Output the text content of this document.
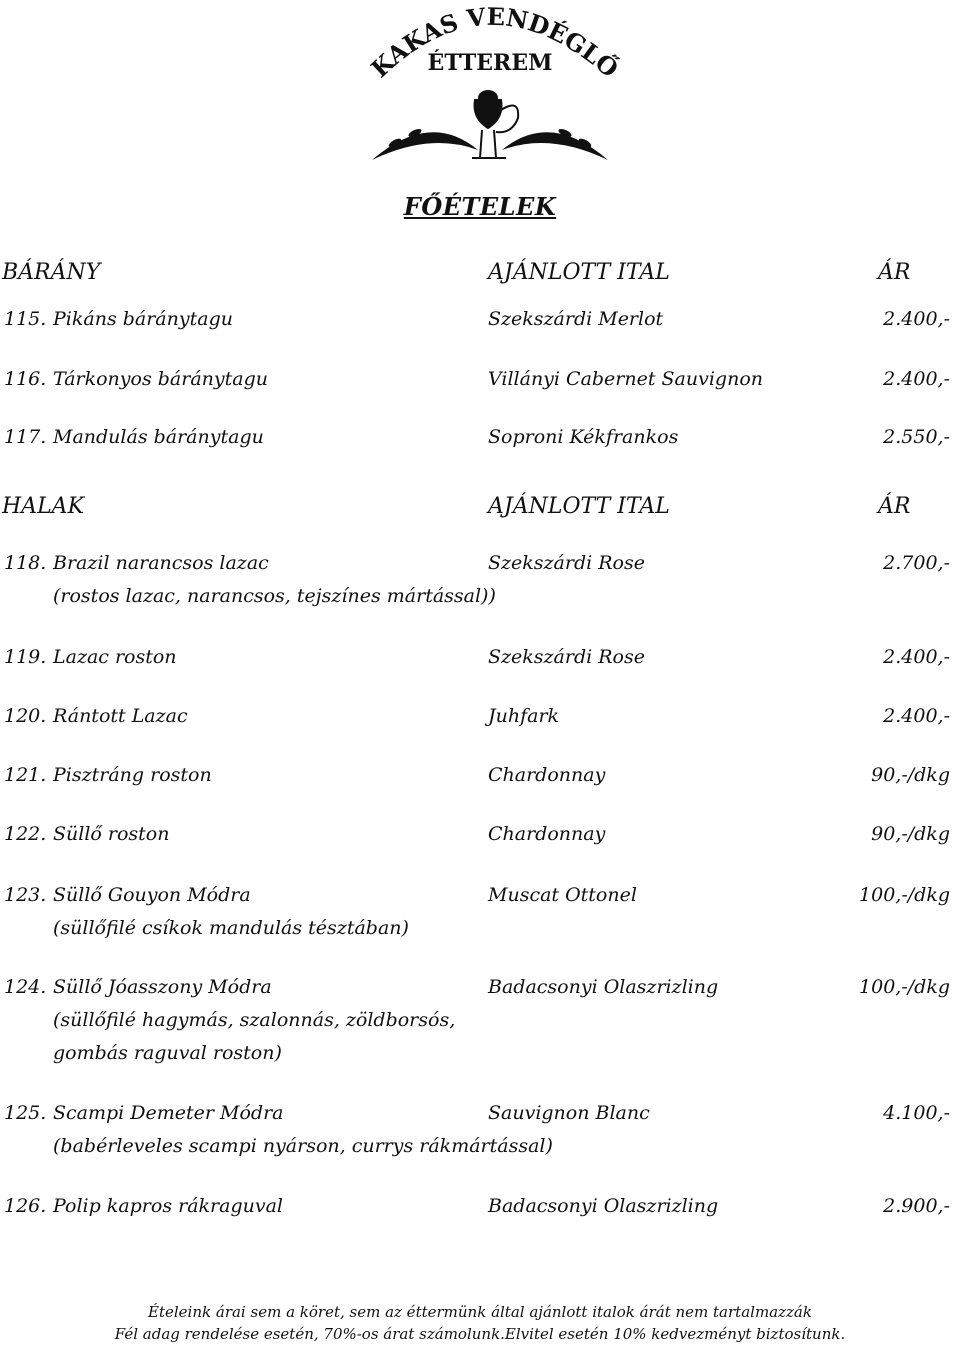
KAKAS VENDÉGL
ÉTTEREM
FŐÉTELEK
BÁRÁNY	AJÁNLOTT ITAL	ÁR
115. Pikáns báránytagu	Szekszárdi Merlot	2.400,-
116. Tárkonyos báránytagu	Villányi Cabernet Sauvignon	2.400,-
117. Mandulás báránytagu	Soproni Kékfrankos	2.550,-
HALAK	AJÁNLOTT ITAL	ÁR
118. Brazil narancsos lazac	Szekszárdi Rose	2.700,-
(rostos lazac, narancsos, tejszínes mártással))
119. Lazac roston	Szekszárdi Rose	2.400,-
120. Rántott Lazac	Juhfark	2.400,-
121. Pisztráng roston	Chardonnay	90,-/dkg
122. Süllő roston	Chardonnay	90,-/dkg
123. Süllő Gouyon Módra	Muscat Ottonel	100,-/dkg
(süllőfilé csíkok mandulás tésztában)
124. Süllő Jóasszony Módra	Badacsonyi Olaszrizling	100,-/dkg
(süllőfilé hagymás, szalonnás, zöldborsós,
gombás raguval roston)
125. Scampi Demeter Módra	Sauvignon Blanc	4.100,-
(babérleveles scampi nyárson, currys rákmártással)
126. Polip kapros rákraguval	Badacsonyi Olaszrizling	2.900,-
Ételeink árai sem a köret, sem az éttermünk által ajánlott italok árát nem tartalmazzák
Fél adag rendelése esetén, 70%-os árat számolunk.Elvitel esetén 10% kedvezményt biztosítunk.
